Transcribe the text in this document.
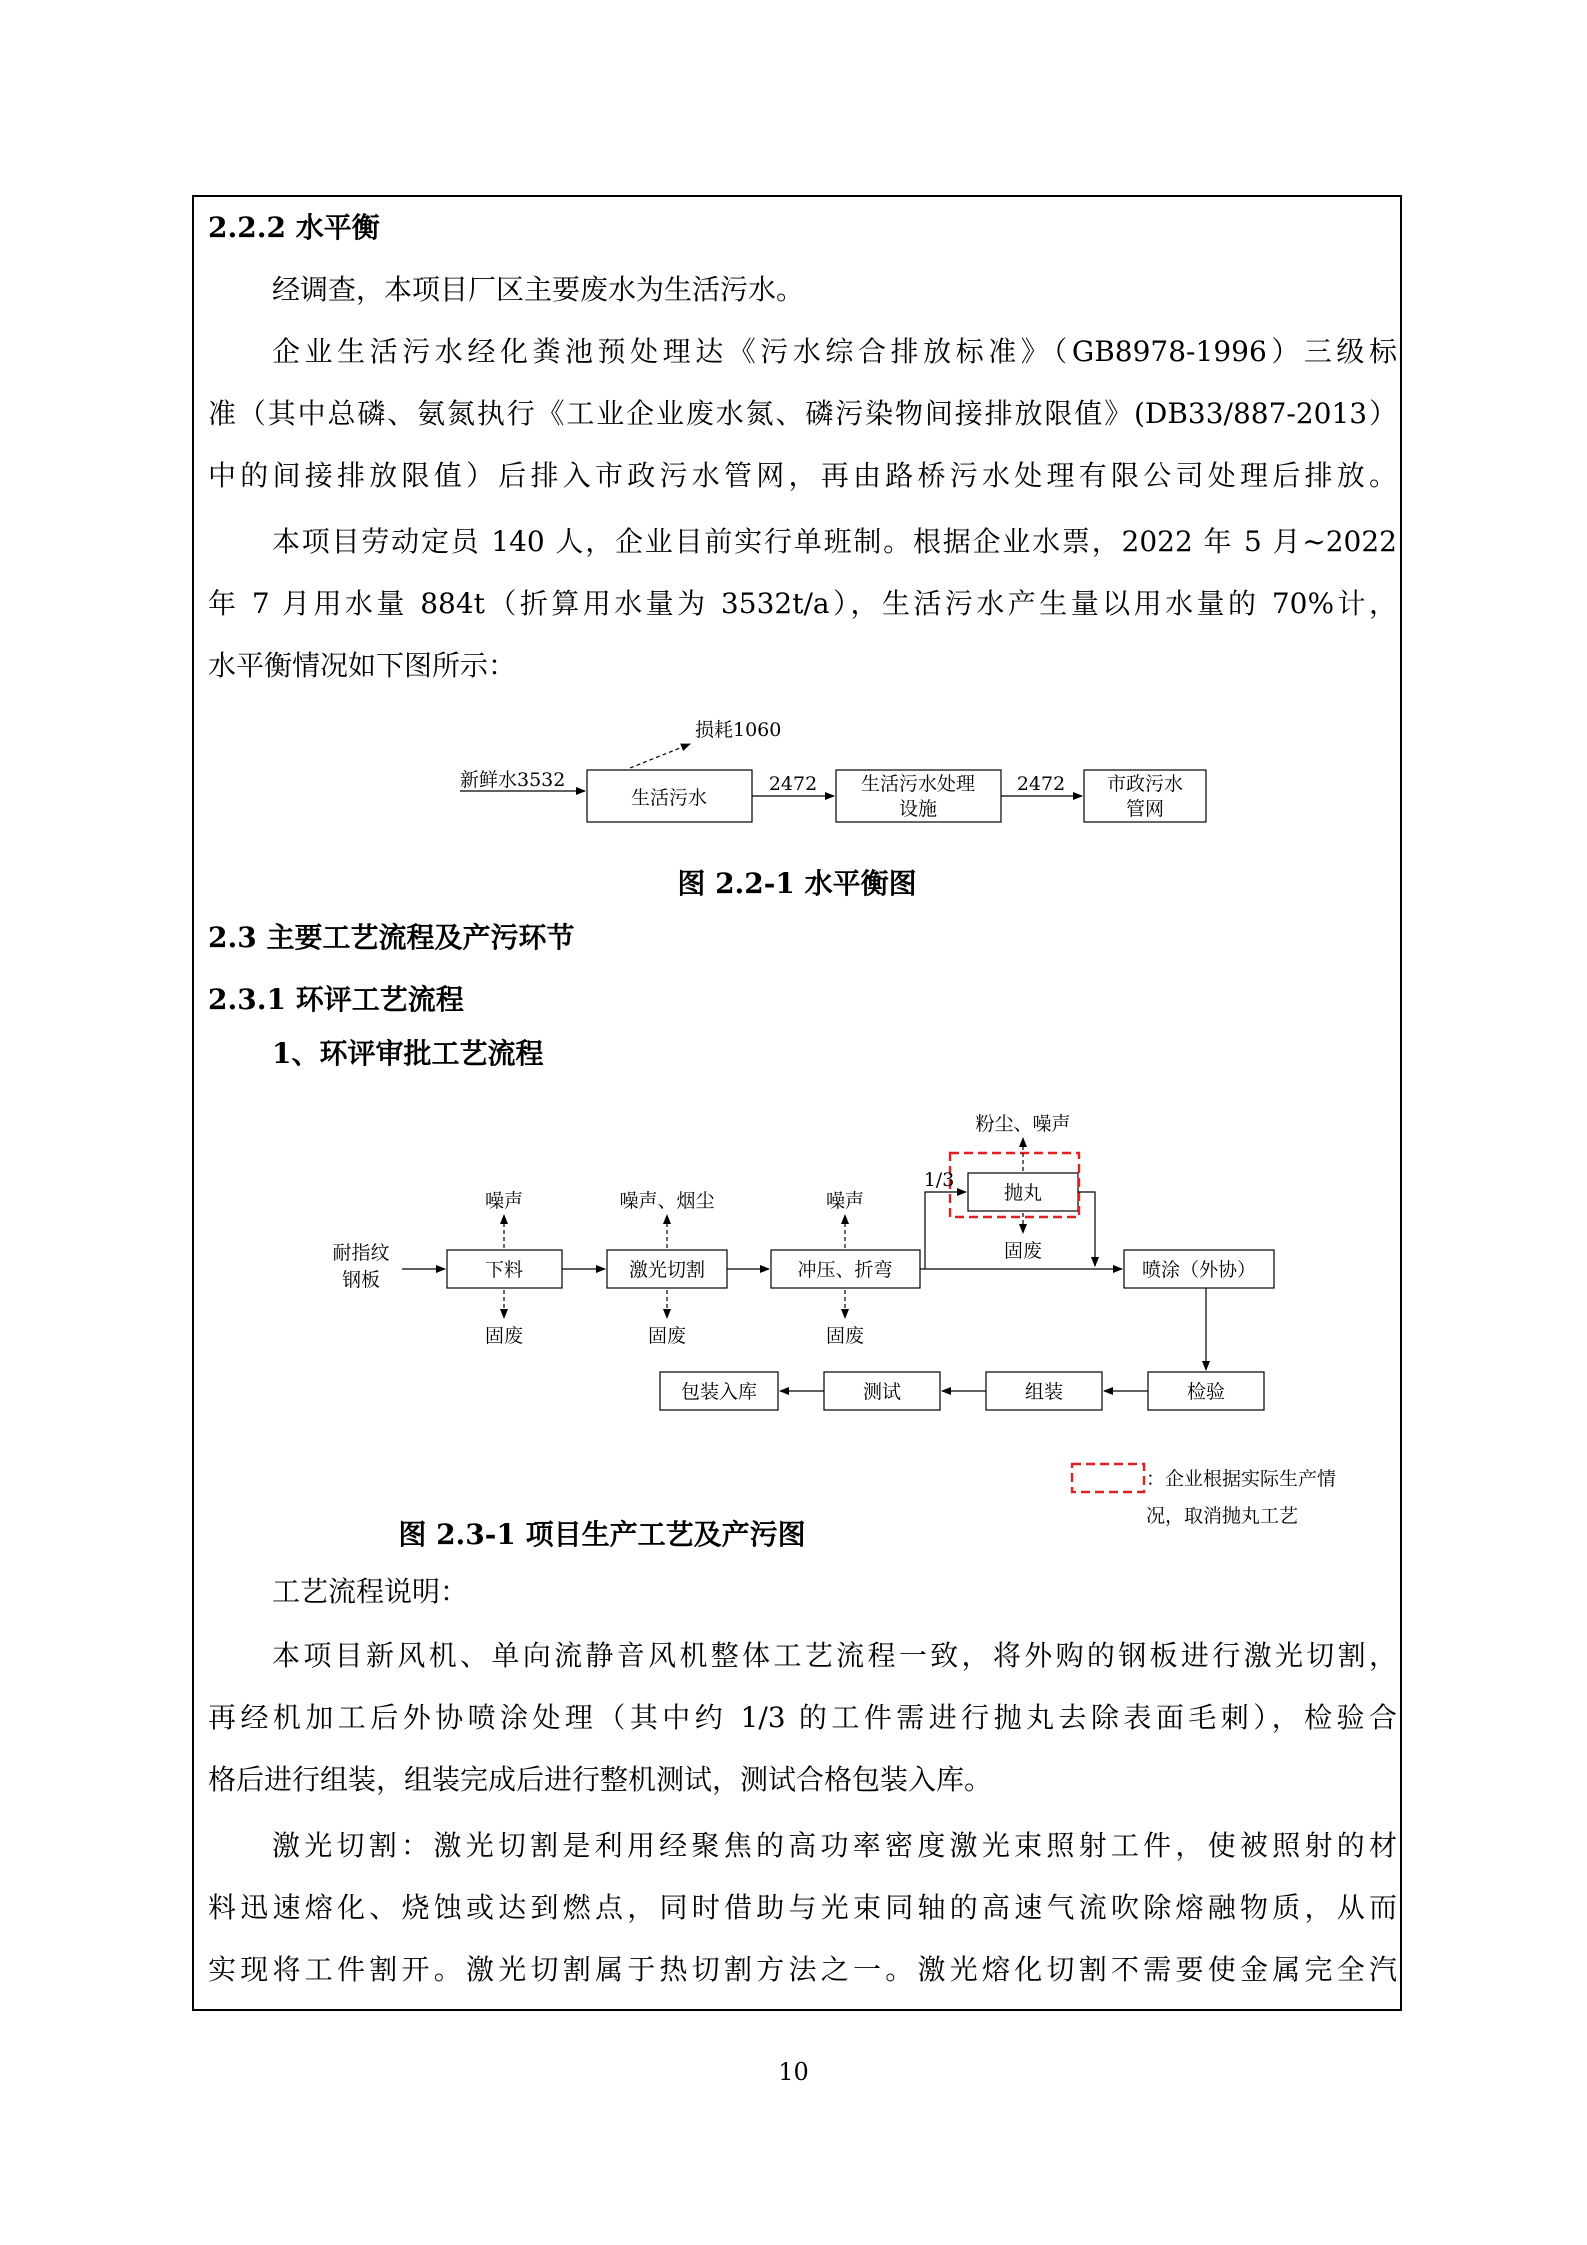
2.2.2 水平衡
经调查，本项目厂区主要废水为生活污水。
企业生活污水经化粪池预处理达《污水综合排放标准》（GB8978-1996）三级标
准（其中总磷、氨氮执行《工业企业废水氮、磷污染物间接排放限值》(DB33/887-2013）
中的间接排放限值）后排入市政污水管网，再由路桥污水处理有限公司处理后排放。
本项目劳动定员 140 人，企业目前实行单班制。根据企业水票，2022 年 5 月~2022
年 7 月用水量 884t（折算用水量为 3532t/a），生活污水产生量以用水量的 70%计，
水平衡情况如下图所示：
新鲜水3532
损耗1060
生活污水
2472 生活污水处理
设施
2472 市政污水
管网
图 2.2-1 水平衡图
2.3 主要工艺流程及产污环节
2.3.1 环评工艺流程
1、环评审批工艺流程
耐指纹
钢板	下料	激光切割	冲压、折弯
抛丸
喷涂（外协）
检验
组装
测试
包装入库
噪声	噪声、烟尘	噪声
粉尘、噪声
固废	固废	固废
固废
1/3
：企业根据实际生产情
况，取消抛丸工艺
图 2.3-1 项目生产工艺及产污图
工艺流程说明：
本项目新风机、单向流静音风机整体工艺流程一致，将外购的钢板进行激光切割，
再经机加工后外协喷涂处理（其中约 1/3 的工件需进行抛丸去除表面毛刺），检验合
格后进行组装，组装完成后进行整机测试，测试合格包装入库。
激光切割：激光切割是利用经聚焦的高功率密度激光束照射工件，使被照射的材
料迅速熔化、烧蚀或达到燃点，同时借助与光束同轴的高速气流吹除熔融物质，从而
实现将工件割开。激光切割属于热切割方法之一。激光熔化切割不需要使金属完全汽
10
